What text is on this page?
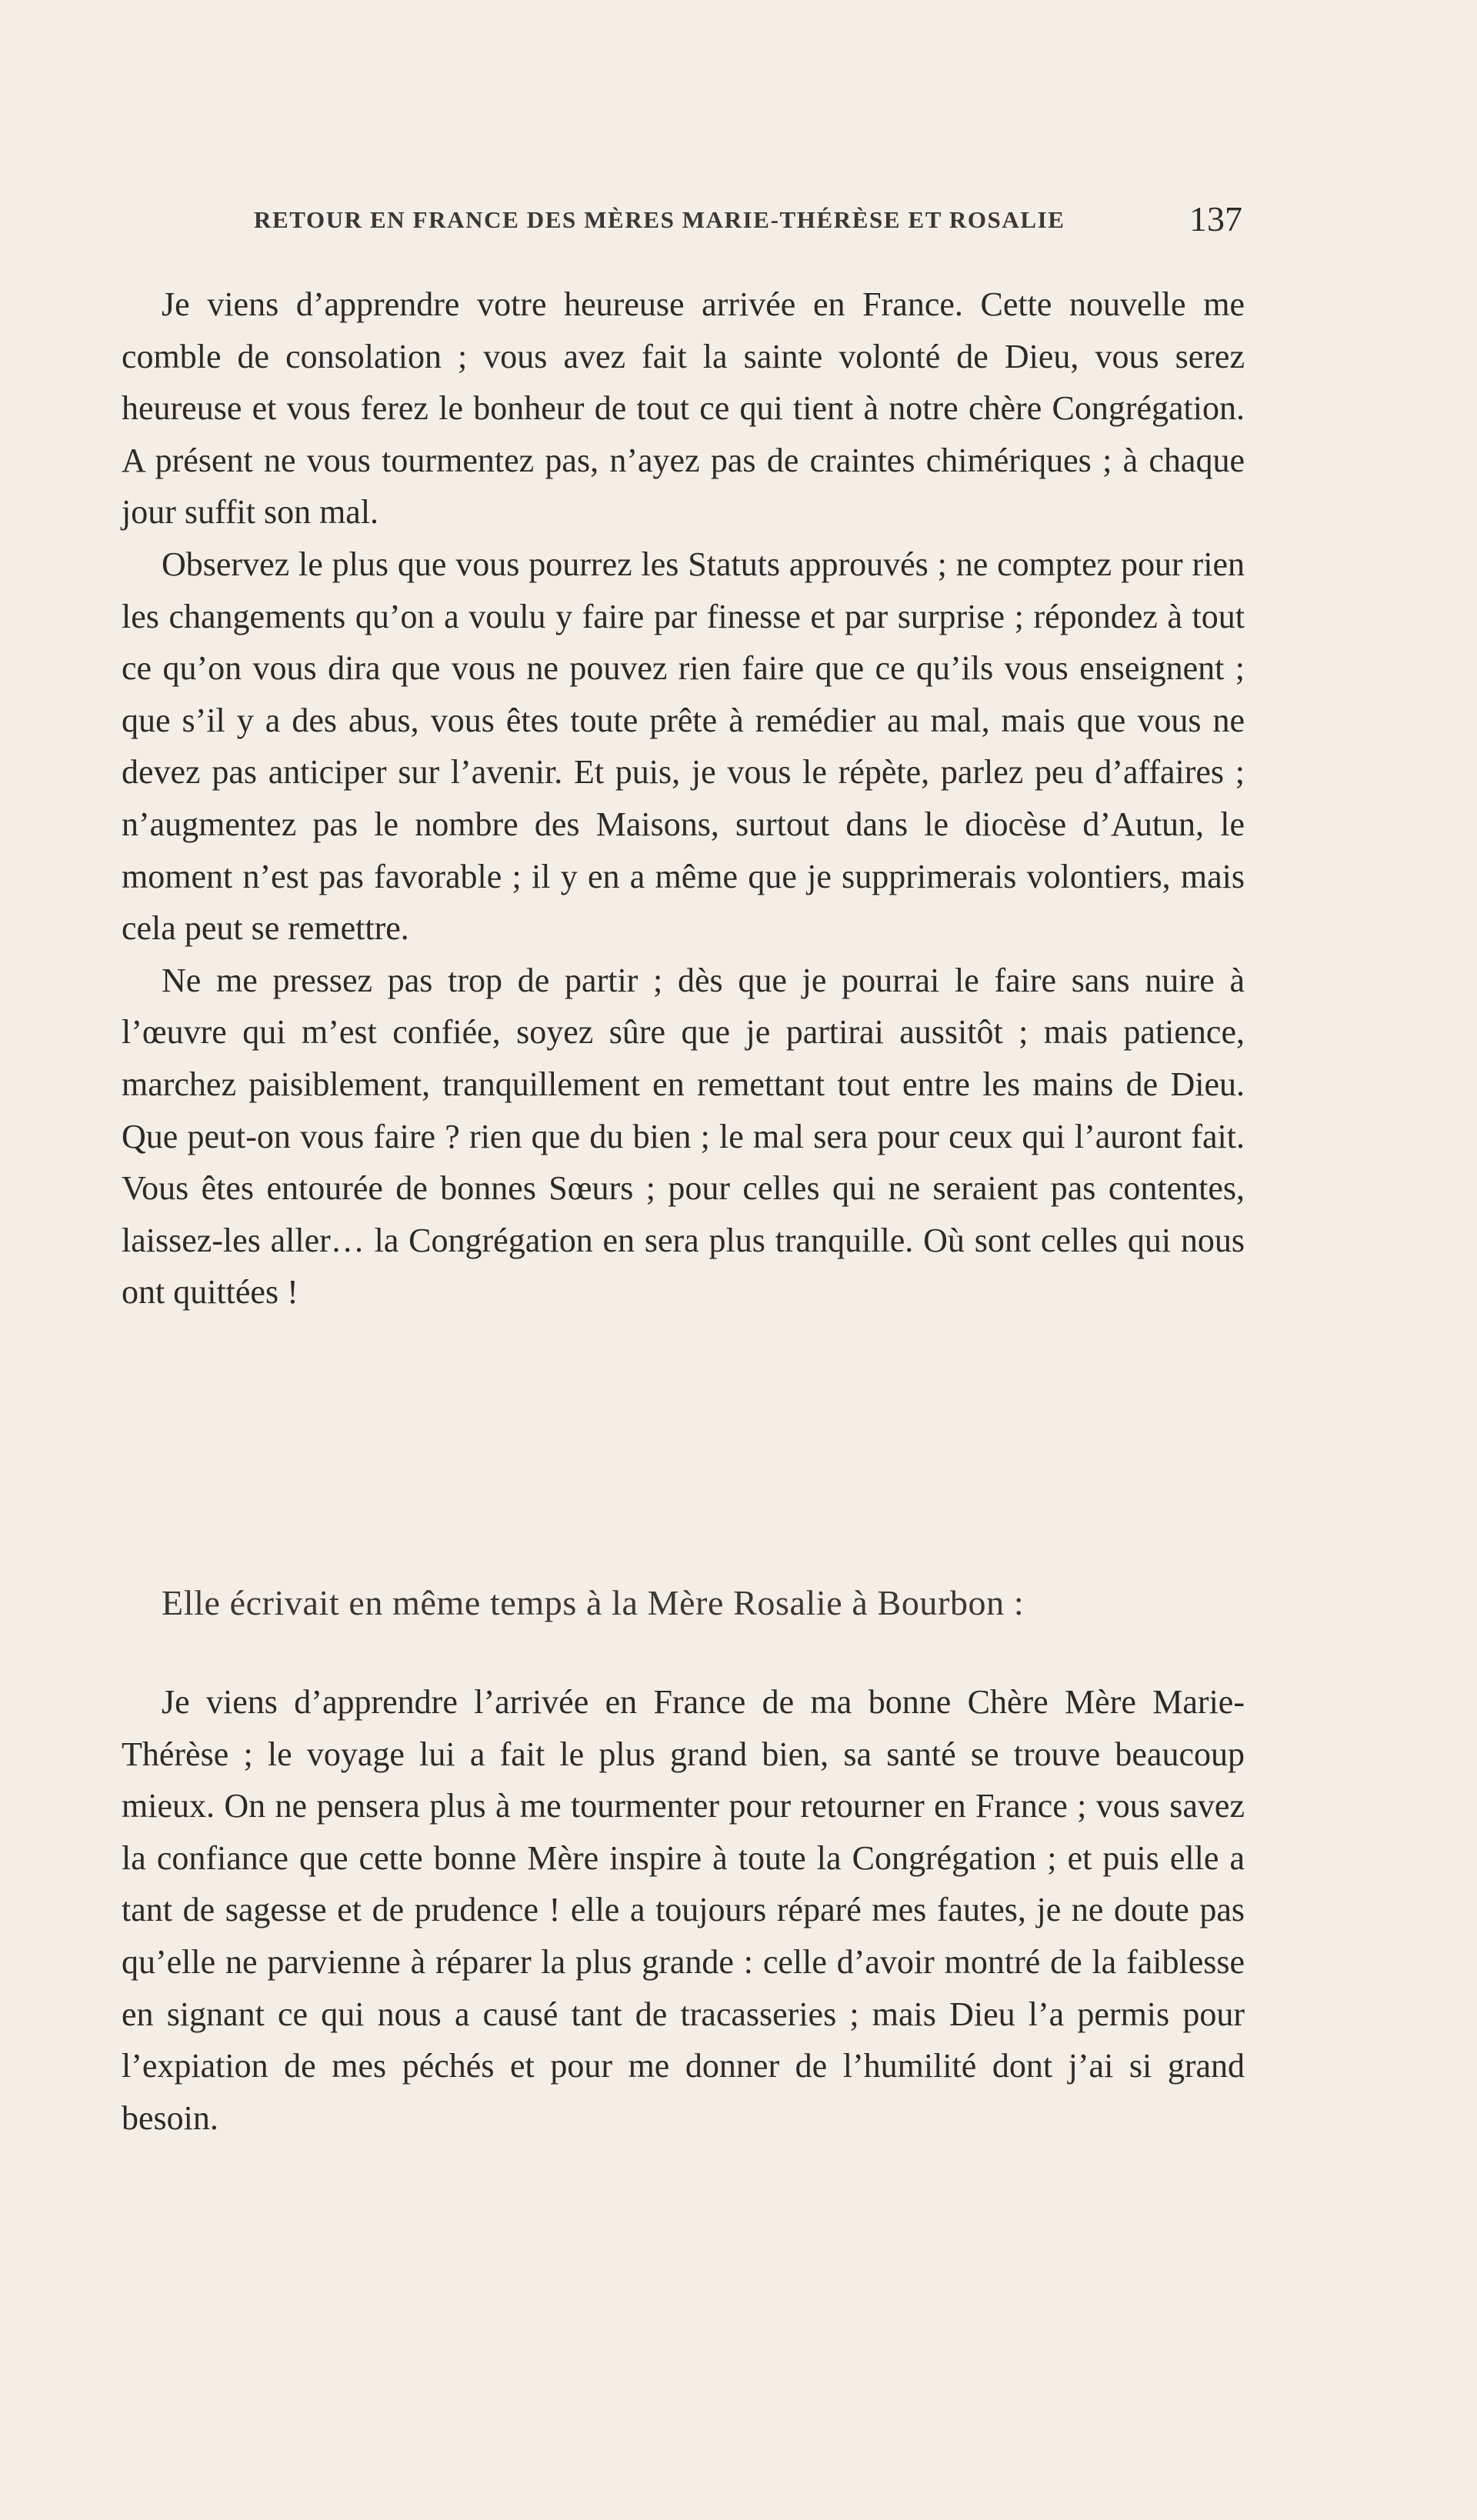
RETOUR EN FRANCE DES MÈRES MARIE-THÉRÈSE ET ROSALIE	137

Je viens d’apprendre votre heureuse arrivée en France. Cette nouvelle me comble de consolation ; vous avez fait la sainte volonté de Dieu, vous serez heureuse et vous ferez le bonheur de tout ce qui tient à notre chère Congrégation. A présent ne vous tourmentez pas, n’ayez pas de craintes chimériques ; à chaque jour suffit son mal.

Observez le plus que vous pourrez les Statuts approuvés ; ne comptez pour rien les changements qu’on a voulu y faire par finesse et par surprise ; répondez à tout ce qu’on vous dira que vous ne pouvez rien faire que ce qu’ils vous enseignent ; que s’il y a des abus, vous êtes toute prête à remédier au mal, mais que vous ne devez pas anticiper sur l’avenir. Et puis, je vous le répète, parlez peu d’affaires ; n’augmentez pas le nombre des Maisons, surtout dans le diocèse d’Autun, le moment n’est pas favorable ; il y en a même que je supprimerais volontiers, mais cela peut se remettre.

Ne me pressez pas trop de partir ; dès que je pourrai le faire sans nuire à l’œuvre qui m’est confiée, soyez sûre que je partirai aussitôt ; mais patience, marchez paisiblement, tranquillement en remettant tout entre les mains de Dieu. Que peut-on vous faire ? rien que du bien ; le mal sera pour ceux qui l’auront fait. Vous êtes entourée de bonnes Sœurs ; pour celles qui ne seraient pas contentes, laissez-les aller… la Congrégation en sera plus tranquille. Où sont celles qui nous ont quittées !

Elle écrivait en même temps à la Mère Rosalie à Bourbon :

Je viens d’apprendre l’arrivée en France de ma bonne Chère Mère Marie-Thérèse ; le voyage lui a fait le plus grand bien, sa santé se trouve beaucoup mieux. On ne pensera plus à me tourmenter pour retourner en France ; vous savez la confiance que cette bonne Mère inspire à toute la Congrégation ; et puis elle a tant de sagesse et de prudence ! elle a toujours réparé mes fautes, je ne doute pas qu’elle ne parvienne à réparer la plus grande : celle d’avoir montré de la faiblesse en signant ce qui nous a causé tant de tracasseries ; mais Dieu l’a permis pour l’expiation de mes péchés et pour me donner de l’humilité dont j’ai si grand besoin.
